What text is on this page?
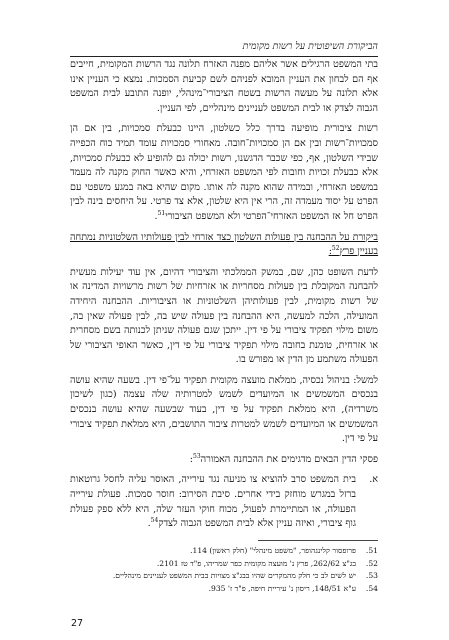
הביקורת השיפוטית על רשות מקומית

בתי המשפט הרגילים אשר אליהם מפנה האזרח תלונה נגד הרשות המקומית, חייבים אף הם לבחון את העניין המובא לפניהם לשם קביעת הסמכות. נמצא כי העניין אינו אלא תלונה על מעשה הרשות בשטח הציבורי־מינהלי, יופנה התובע לבית המשפט הגבוה לצדק או לבית המשפט לעניינים מינהליים, לפי העניין.

רשות ציבורית מופיעה בדרך כלל כשלטון, היינו כבעלת סמכויות, בין אם הן סמכויות־רשות ובין אם הן סמכויות־חובה. מאחורי סמכויות עומד תמיד כוח הכפייה שבידי השלטון, אף, כפי שכבר הדגשנו, רשות יכולה גם להופיע לא כבעלת סמכויות, אלא כבעלת זכויות וחובות לפי המשפט האזרחי, והיא כאשר החוק מקנה לה מעמד במשפט האזרחי, ובמידה שהוא מקנה לה אותו. מקום שהיא באה במגע משפטי עם הפרט על יסוד מעמדה זה, הרי אין היא שלטון, אלא צד פרטי. על היחסים בינה לבין הפרט חל אז המשפט האזרחי־הפרטי ולא המשפט הציבורי$^{51}$.

ביקורת על ההבחנה בין פעולות השלטון כצד אזרחי לבין פעולותיו השלטוניות נמתחה בעניין פרץ$^{52}$:

לדעת השופט כהן, שם, במשק הממלכתי והציבורי דהיום, אין עוד יעילות מעשית להבחנה המקובלת בין פעולות מסחריות או אזרחיות של רשות מרשויות המדינה או של רשות מקומית, לבין פעולותיהן השלטוניות או הציבוריות. ההבחנה היחידה המועילה, הלכה למעשה, היא ההבחנה בין פעולה שיש בה, לבין פעולה שאין בה, משום מילוי תפקיד ציבורי על פי דין. ייתכן שגם פעולה שניתן לכנותה בשם מסחרית או אזרחית, טומנת בחובה מילוי תפקיד ציבורי על פי דין, כאשר האופי הציבורי של הפעולה משתמע מן הדין או מפורש בו.

למשל: בניהול נכסיה, ממלאת מועצה מקומית תפקיד על־פי דין. בשעה שהיא עושה בנכסים המשמשים או המיועדים לשמש למטרותיה שלה עצמה (כגון לשיכון משרדיה), היא ממלאת תפקיד על פי דין, בעוד שבשעה שהיא עושה בנכסים המשמשים או המיועדים לשמש למטרות ציבור התושבים, היא ממלאת תפקיד ציבורי על פי דין.

פסקי הדין הבאים מדגימים את ההבחנה האמורה$^{53}$:

א.
בית המשפט סרב להוציא צו מניעה נגד עירייה, האוסר עליה לחסל גרוטאות ברזל במגרש מוחזק בידי אחרים. סיבת הסירוב: חוסר סמכות. פעולת עירייה הפעולה, או המתיימרת לפעול, מכוח חוקי העזר שלה, היא ללא ספק פעולת גוף ציבורי, ואיזה עניין אלא לבית המשפט הגבוה לצדק$^{54}$.
51.
פרופסור קלינגהופר, "משפט מינהלי" (חלק ראשון) 114.
52.
בג"צ 262/62, פרץ נ' מועצה מקומית כפר שמריהו, פ"ד טז 2101.
53.
יש לשים לב כי חלק מהמקרים שהיו בבג"צ מצויות בבית המשפט לעניינים מינהליים.
54.
ע"א 148/51, ריסון נ' עיריית חיפה, פ"ד ז' 935.
27
